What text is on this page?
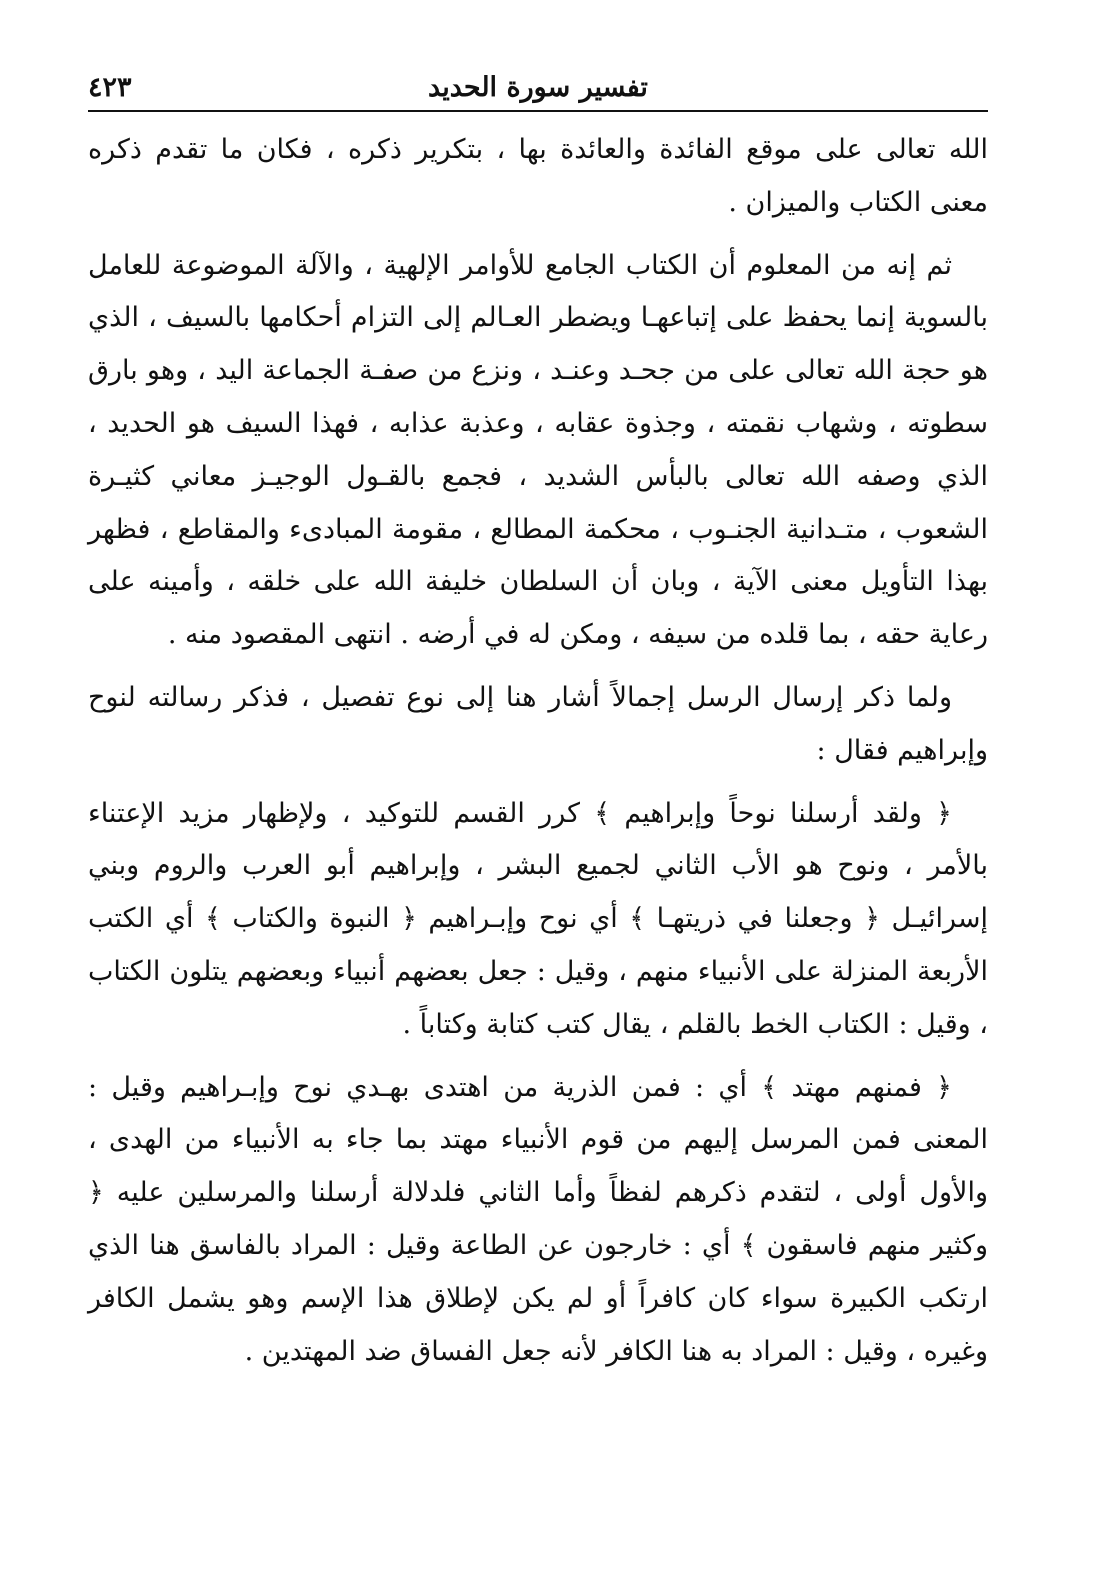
تفسير سورة الحديد
٤٢٣

الله تعالى على موقع الفائدة والعائدة بها ، بتكرير ذكره ، فكان ما تقدم ذكره معنى الكتاب والميزان .

ثم إنه من المعلوم أن الكتاب الجامع للأوامر الإلهية ، والآلة الموضوعة للعامل بالسوية إنما يحفظ على إتباعهـا ويضطر العـالم إلى التزام أحكامها بالسيف ، الذي هو حجة الله تعالى على من جحـد وعنـد ، ونزع من صفـة الجماعة اليد ، وهو بارق سطوته ، وشهاب نقمته ، وجذوة عقابه ، وعذبة عذابه ، فهذا السيف هو الحديد ، الذي وصفه الله تعالى بالبأس الشديد ، فجمع بالقـول الوجيـز معاني كثيـرة الشعوب ، متـدانية الجنـوب ، محكمة المطالع ، مقومة المبادىء والمقاطع ، فظهر بهذا التأويل معنى الآية ، وبان أن السلطان خليفة الله على خلقه ، وأمينه على رعاية حقه ، بما قلده من سيفه ، ومكن له في أرضه . انتهى المقصود منه .

ولما ذكر إرسال الرسل إجمالاً أشار هنا إلى نوع تفصيل ، فذكر رسالته لنوح وإبراهيم فقال :

﴿ ولقد أرسلنا نوحاً وإبراهيم ﴾ كرر القسم للتوكيد ، ولإظهار مزيد الإعتناء بالأمر ، ونوح هو الأب الثاني لجميع البشر ، وإبراهيم أبو العرب والروم وبني إسرائيـل ﴿ وجعلنا في ذريتهـا ﴾ أي نوح وإبـراهيم ﴿ النبوة والكتاب ﴾ أي الكتب الأربعة المنزلة على الأنبياء منهم ، وقيل : جعل بعضهم أنبياء وبعضهم يتلون الكتاب ، وقيل : الكتاب الخط بالقلم ، يقال كتب كتابة وكتاباً .

﴿ فمنهم مهتد ﴾ أي : فمن الذرية من اهتدى بهـدي نوح وإبـراهيم وقيل : المعنى فمن المرسل إليهم من قوم الأنبياء مهتد بما جاء به الأنبياء من الهدى ، والأول أولى ، لتقدم ذكرهم لفظاً وأما الثاني فلدلالة أرسلنا والمرسلين عليه ﴿ وكثير منهم فاسقون ﴾ أي : خارجون عن الطاعة وقيل : المراد بالفاسق هنا الذي ارتكب الكبيرة سواء كان كافراً أو لم يكن لإطلاق هذا الإسم وهو يشمل الكافر وغيره ، وقيل : المراد به هنا الكافر لأنه جعل الفساق ضد المهتدين .
